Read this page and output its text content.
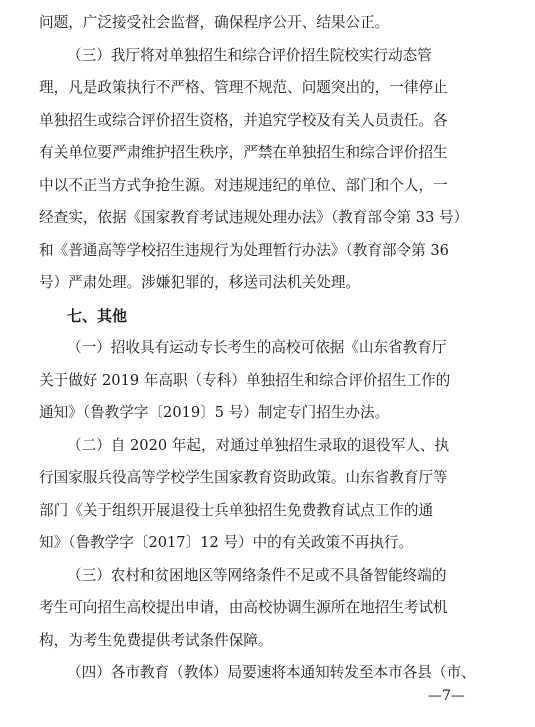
问题，广泛接受社会监督，确保程序公开、结果公正。
（三）我厅将对单独招生和综合评价招生院校实行动态管
理，凡是政策执行不严格、管理不规范、问题突出的，一律停止
单独招生或综合评价招生资格，并追究学校及有关人员责任。各
有关单位要严肃维护招生秩序，严禁在单独招生和综合评价招生
中以不正当方式争抢生源。对违规违纪的单位、部门和个人，一
经查实，依据《国家教育考试违规处理办法》（教育部令第 33 号）
和《普通高等学校招生违规行为处理暂行办法》（教育部令第 36
号）严肃处理。涉嫌犯罪的，移送司法机关处理。
七、其他
（一）招收具有运动专长考生的高校可依据《山东省教育厅
关于做好 2019 年高职（专科）单独招生和综合评价招生工作的
通知》（鲁教学字〔2019〕5 号）制定专门招生办法。
（二）自 2020 年起，对通过单独招生录取的退役军人、执
行国家服兵役高等学校学生国家教育资助政策。山东省教育厅等
部门《关于组织开展退役士兵单独招生免费教育试点工作的通
知》（鲁教学字〔2017〕12 号）中的有关政策不再执行。
（三）农村和贫困地区等网络条件不足或不具备智能终端的
考生可向招生高校提出申请，由高校协调生源所在地招生考试机
构，为考生免费提供考试条件保障。
（四）各市教育（教体）局要速将本通知转发至本市各县（市、
—7—
